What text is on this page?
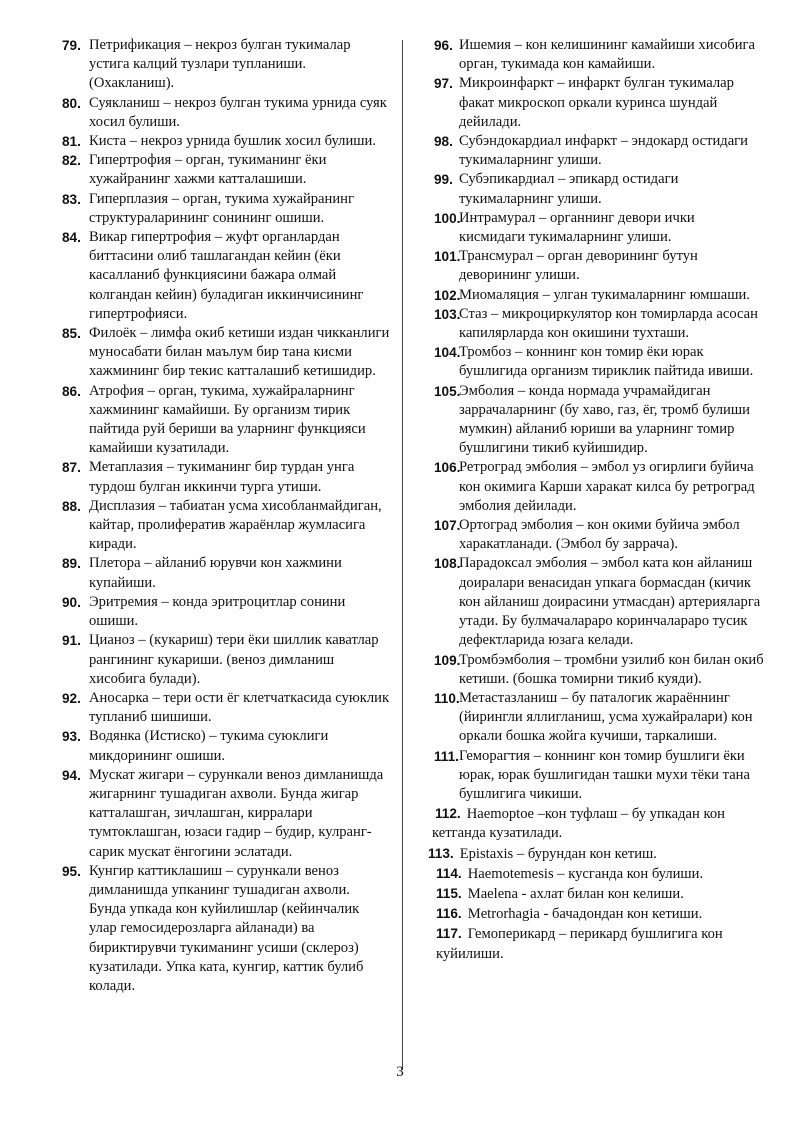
79. Петрификация – некроз булган тукималар устига калций тузлари тупланиши. (Охакланиш).
80. Суякланиш – некроз булган тукима урнида суяк хосил булиши.
81. Киста – некроз урнида бушлик хосил булиши.
82. Гипертрофия – орган, тукиманинг ёки хужайранинг хажми катталашиши.
83. Гиперплазия – орган, тукима хужайранинг структураларининг сонининг ошиши.
84. Викар гипертрофия – жуфт органлардан биттасини олиб ташлагандан кейин (ёки касалланиб функциясини бажара олмай колгандан кейин) буладиган иккинчисининг гипертрофияси.
85. Филоёк – лимфа окиб кетиши издан чикканлиги муносабати билан маълум бир тана кисми хажмининг бир текис катталашиб кетишидир.
86. Атрофия – орган, тукима, хужайраларнинг хажмининг камайиши. Бу организм тирик пайтида руй бериши ва уларнинг функцияси камайиши кузатилади.
87. Метаплазия – тукиманинг бир турдан унга турдош булган иккинчи турга утиши.
88. Дисплазия – табиатан усма хисобланмайдиган, кайтар, пролифератив жараёнлар жумласига киради.
89. Плетора – айланиб юрувчи кон хажмини купайиши.
90. Эритремия – конда эритроцитлар сонини ошиши.
91. Цианоз – (кукариш) тери ёки шиллик каватлар рангининг кукариши. (веноз димланиш хисобига булади).
92. Аносарка – тери ости ёг клетчаткасида суюклик тупланиб шишиши.
93. Водянка (Истиско) – тукима суюклиги микдорининг ошиши.
94. Мускат жигари – сурункали веноз димланишда жигарнинг тушадиган ахволи. Бунда жигар катталашган, зичлашган, кирралари тумтоклашган, юзаси гадир – будир, кулранг-сарик мускат ёнгогини эслатади.
95. Кунгир каттиклашиш – сурункали веноз димланишда упканинг тушадиган ахволи. Бунда упкада кон куйилишлар (кейинчалик улар гемосидерозларга айланади) ва бириктирувчи тукиманинг усиши (склероз) кузатилади. Упка ката, кунгир, каттик булиб колади.
96. Ишемия – кон келишининг камайиши хисобига орган, тукимада кон камайиши.
97. Микроинфаркт – инфаркт булган тукималар факат микроскоп оркали куринса шундай дейилади.
98. Субэндокардиал инфаркт – эндокард остидаги тукималарнинг улиши.
99. Субэпикардиал – эпикард остидаги тукималарнинг улиши.
100.
Интрамурал – органнинг девори ички кисмидаги тукималарнинг улиши.
101.
Трансмурал – орган деворининг бутун деворининг улиши.
102.
Миомаляция – улган тукималарнинг юмшаши.
103.
Стаз – микроциркулятор кон томирларда асосан капилярларда кон окишини тухташи.
104.
Тромбоз – коннинг кон томир ёки юрак бушлигида организм тириклик пайтида ивиши.
105.
Эмболия – конда нормада учрамайдиган заррачаларнинг (бу хаво, газ, ёг, тромб булиши мумкин) айланиб юриши ва уларнинг томир бушлигини тикиб куйишидир.
106.
Ретроград эмболия – эмбол уз огирлиги буйича кон окимига Карши харакат килса бу ретроград эмболия дейилади.
107.
Ортоград эмболия – кон окими буйича эмбол харакатланади. (Эмбол бу заррача).
108.
Парадоксал эмболия – эмбол ката кон айланиш доиралари венасидан упкага бормасдан (кичик кон айланиш доирасини утмасдан) артерияларга утади. Бу булмачалараро коринчалараро тусик дефектларида юзага келади.
109.
Тромбэмболия – тромбни узилиб кон билан окиб кетиши. (бошка томирни тикиб куяди).
110. Метастазланиш – бу паталогик жараённинг (йирингли яллигланиш, усма хужайралари) кон оркали бошка жойга кучиши, таркалиши.
111. Геморагтия – коннинг кон томир бушлиги ёки юрак, юрак бушлигидан ташки мухи тёки тана бушлигига чикиши.
112. Haemoptoe –кон туфлаш – бу упкадан кон кетганда кузатилади.
113. Epistaxis – бурундан кон кетиш.
114. Haemotemesis – кусганда кон булиши.
115. Maelena - ахлат билан кон келиши.
116. Metrorhagia - бачадондан кон кетиши.
117. Гемоперикард – перикард бушлигига кон куйилиши.
3
